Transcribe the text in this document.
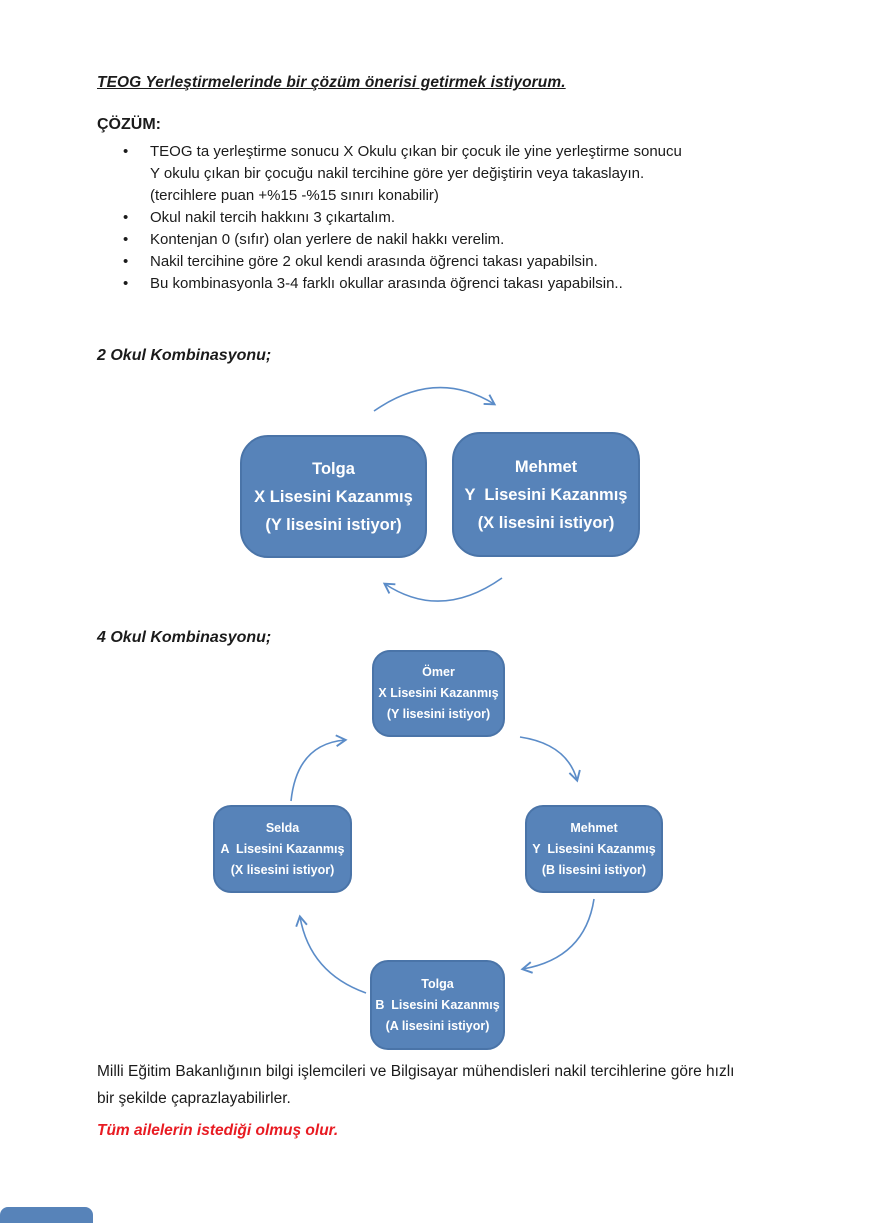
TEOG Yerleştirmelerinde bir çözüm önerisi getirmek istiyorum.
ÇÖZÜM:
• TEOG ta yerleştirme sonucu X Okulu çıkan bir çocuk ile yine yerleştirme sonucu
Y okulu çıkan bir çocuğu nakil tercihine göre yer değiştirin veya takaslayın.
(tercihlere puan +%15 -%15 sınırı konabilir)
• Okul nakil tercih hakkını 3 çıkartalım.
• Kontenjan 0 (sıfır) olan yerlere de nakil hakkı verelim.
• Nakil tercihine göre 2 okul kendi arasında öğrenci takası yapabilsin.
• Bu kombinasyonla 3-4 farklı okullar arasında öğrenci takası yapabilsin..
2 Okul Kombinasyonu;
Tolga
X Lisesini Kazanmış
(Y lisesini istiyor)
Mehmet
Y  Lisesini Kazanmış
(X lisesini istiyor)
4 Okul Kombinasyonu;
Ömer
X Lisesini Kazanmış
(Y lisesini istiyor)
Mehmet
Y  Lisesini Kazanmış
(B lisesini istiyor)
Tolga
B  Lisesini Kazanmış
(A lisesini istiyor)
Selda
A  Lisesini Kazanmış
(X lisesini istiyor)
Milli Eğitim Bakanlığının bilgi işlemcileri ve Bilgisayar mühendisleri nakil tercihlerine göre hızlı
bir şekilde çaprazlayabilirler.
Tüm ailelerin istediği olmuş olur.
